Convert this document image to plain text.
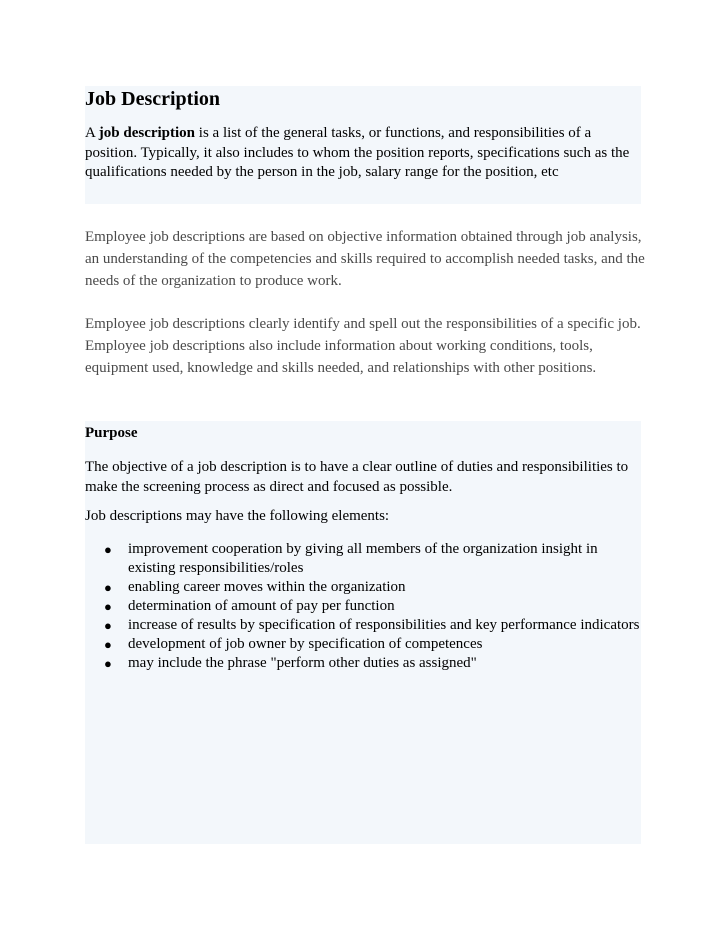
Job Description

A job description is a list of the general tasks, or functions, and responsibilities of a position. Typically, it also includes to whom the position reports, specifications such as the qualifications needed by the person in the job, salary range for the position, etc

Employee job descriptions are based on objective information obtained through job analysis, an understanding of the competencies and skills required to accomplish needed tasks, and the needs of the organization to produce work.

Employee job descriptions clearly identify and spell out the responsibilities of a specific job. Employee job descriptions also include information about working conditions, tools, equipment used, knowledge and skills needed, and relationships with other positions.

Purpose

The objective of a job description is to have a clear outline of duties and responsibilities to make the screening process as direct and focused as possible.

Job descriptions may have the following elements:

● improvement cooperation by giving all members of the organization insight in existing responsibilities/roles
● enabling career moves within the organization
● determination of amount of pay per function
● increase of results by specification of responsibilities and key performance indicators
● development of job owner by specification of competences
● may include the phrase "perform other duties as assigned"
